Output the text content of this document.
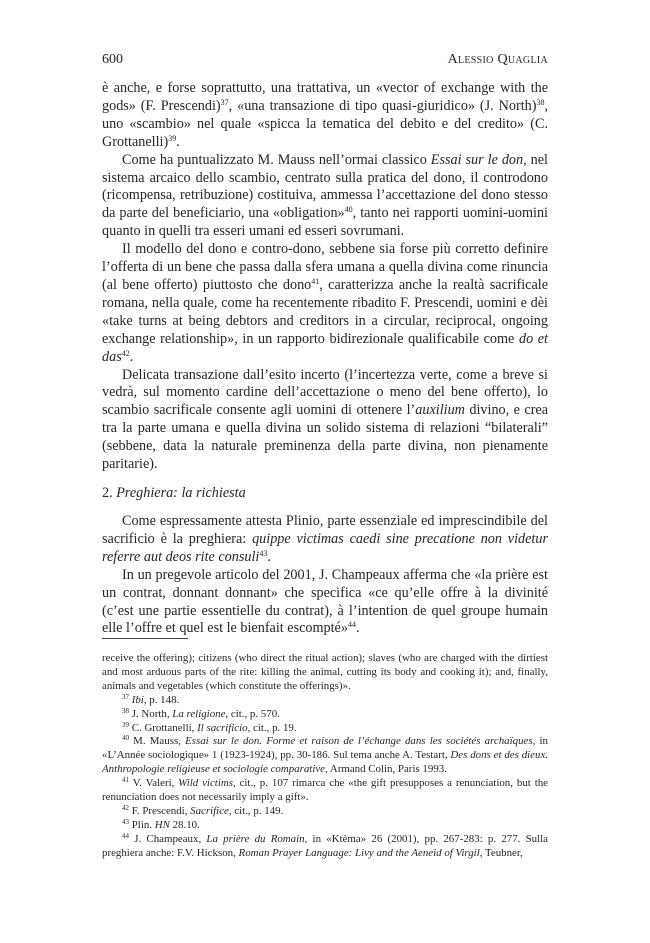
600	Alessio Quaglia

è anche, e forse soprattutto, una trattativa, un «vector of exchange with the gods» (F. Prescendi)$^{37}$, «una transazione di tipo quasi-giuridico» (J. North)$^{38}$, uno «scambio» nel quale «spicca la tematica del debito e del credito» (C. Grottanelli)$^{39}$.

Come ha puntualizzato M. Mauss nell’ormai classico Essai sur le don, nel sistema arcaico dello scambio, centrato sulla pratica del dono, il controdono (ricompensa, retribuzione) costituiva, ammessa l’accettazione del dono stesso da parte del beneficiario, una «obligation»$^{40}$, tanto nei rapporti uomini-uomini quanto in quelli tra esseri umani ed esseri sovrumani.

Il modello del dono e contro-dono, sebbene sia forse più corretto definire l’offerta di un bene che passa dalla sfera umana a quella divina come rinuncia (al bene offerto) piuttosto che dono$^{41}$, caratterizza anche la realtà sacrificale romana, nella quale, come ha recentemente ribadito F. Prescendi, uomini e dèi «take turns at being debtors and creditors in a circular, reciprocal, ongoing exchange relationship», in un rapporto bidirezionale qualificabile come do et das$^{42}$.

Delicata transazione dall’esito incerto (l’incertezza verte, come a breve si vedrà, sul momento cardine dell’accettazione o meno del bene offerto), lo scambio sacrificale consente agli uomini di ottenere l’auxilium divino, e crea tra la parte umana e quella divina un solido sistema di relazioni “bilaterali” (sebbene, data la naturale preminenza della parte divina, non pienamente paritarie).

2. Preghiera: la richiesta

Come espressamente attesta Plinio, parte essenziale ed imprescindibile del sacrificio è la preghiera: quippe victimas caedi sine precatione non videtur referre aut deos rite consuli$^{43}$.

In un pregevole articolo del 2001, J. Champeaux afferma che «la prière est un contrat, donnant donnant» che specifica «ce qu’elle offre à la divinité (c’est une partie essentielle du contrat), à l’intention de quel groupe humain elle l’offre et quel est le bienfait escompté»$^{44}$.

receive the offering); citizens (who direct the ritual action); slaves (who are charged with the dirtiest and most arduous parts of the rite: killing the animal, cutting its body and cooking it); and, finally, animals and vegetables (which constitute the offerings)».

$^{37}$ Ibi, p. 148.

$^{38}$ J. North, La religione, cit., p. 570.

$^{39}$ C. Grottanelli, Il sacrificio, cit., p. 19.

$^{40}$ M. Mauss, Essai sur le don. Forme et raison de l’échange dans les sociétés archaïques, in «L’Année sociologique» 1 (1923-1924), pp. 30-186. Sul tema anche A. Testart, Des dons et des dieux. Anthropologie religieuse et sociologie comparative, Armand Colin, Paris 1993.

$^{41}$ V. Valeri, Wild victims, cit., p. 107 rimarca che «the gift presupposes a renunciation, but the renunciation does not necessarily imply a gift».

$^{42}$ F. Prescendi, Sacrifice, cit., p. 149.

$^{43}$ Plin. HN 28.10.

$^{44}$ J. Champeaux, La prière du Romain, in «Ktèma» 26 (2001), pp. 267-283: p. 277. Sulla preghiera anche: F.V. Hickson, Roman Prayer Language: Livy and the Aeneid of Virgil, Teubner,
